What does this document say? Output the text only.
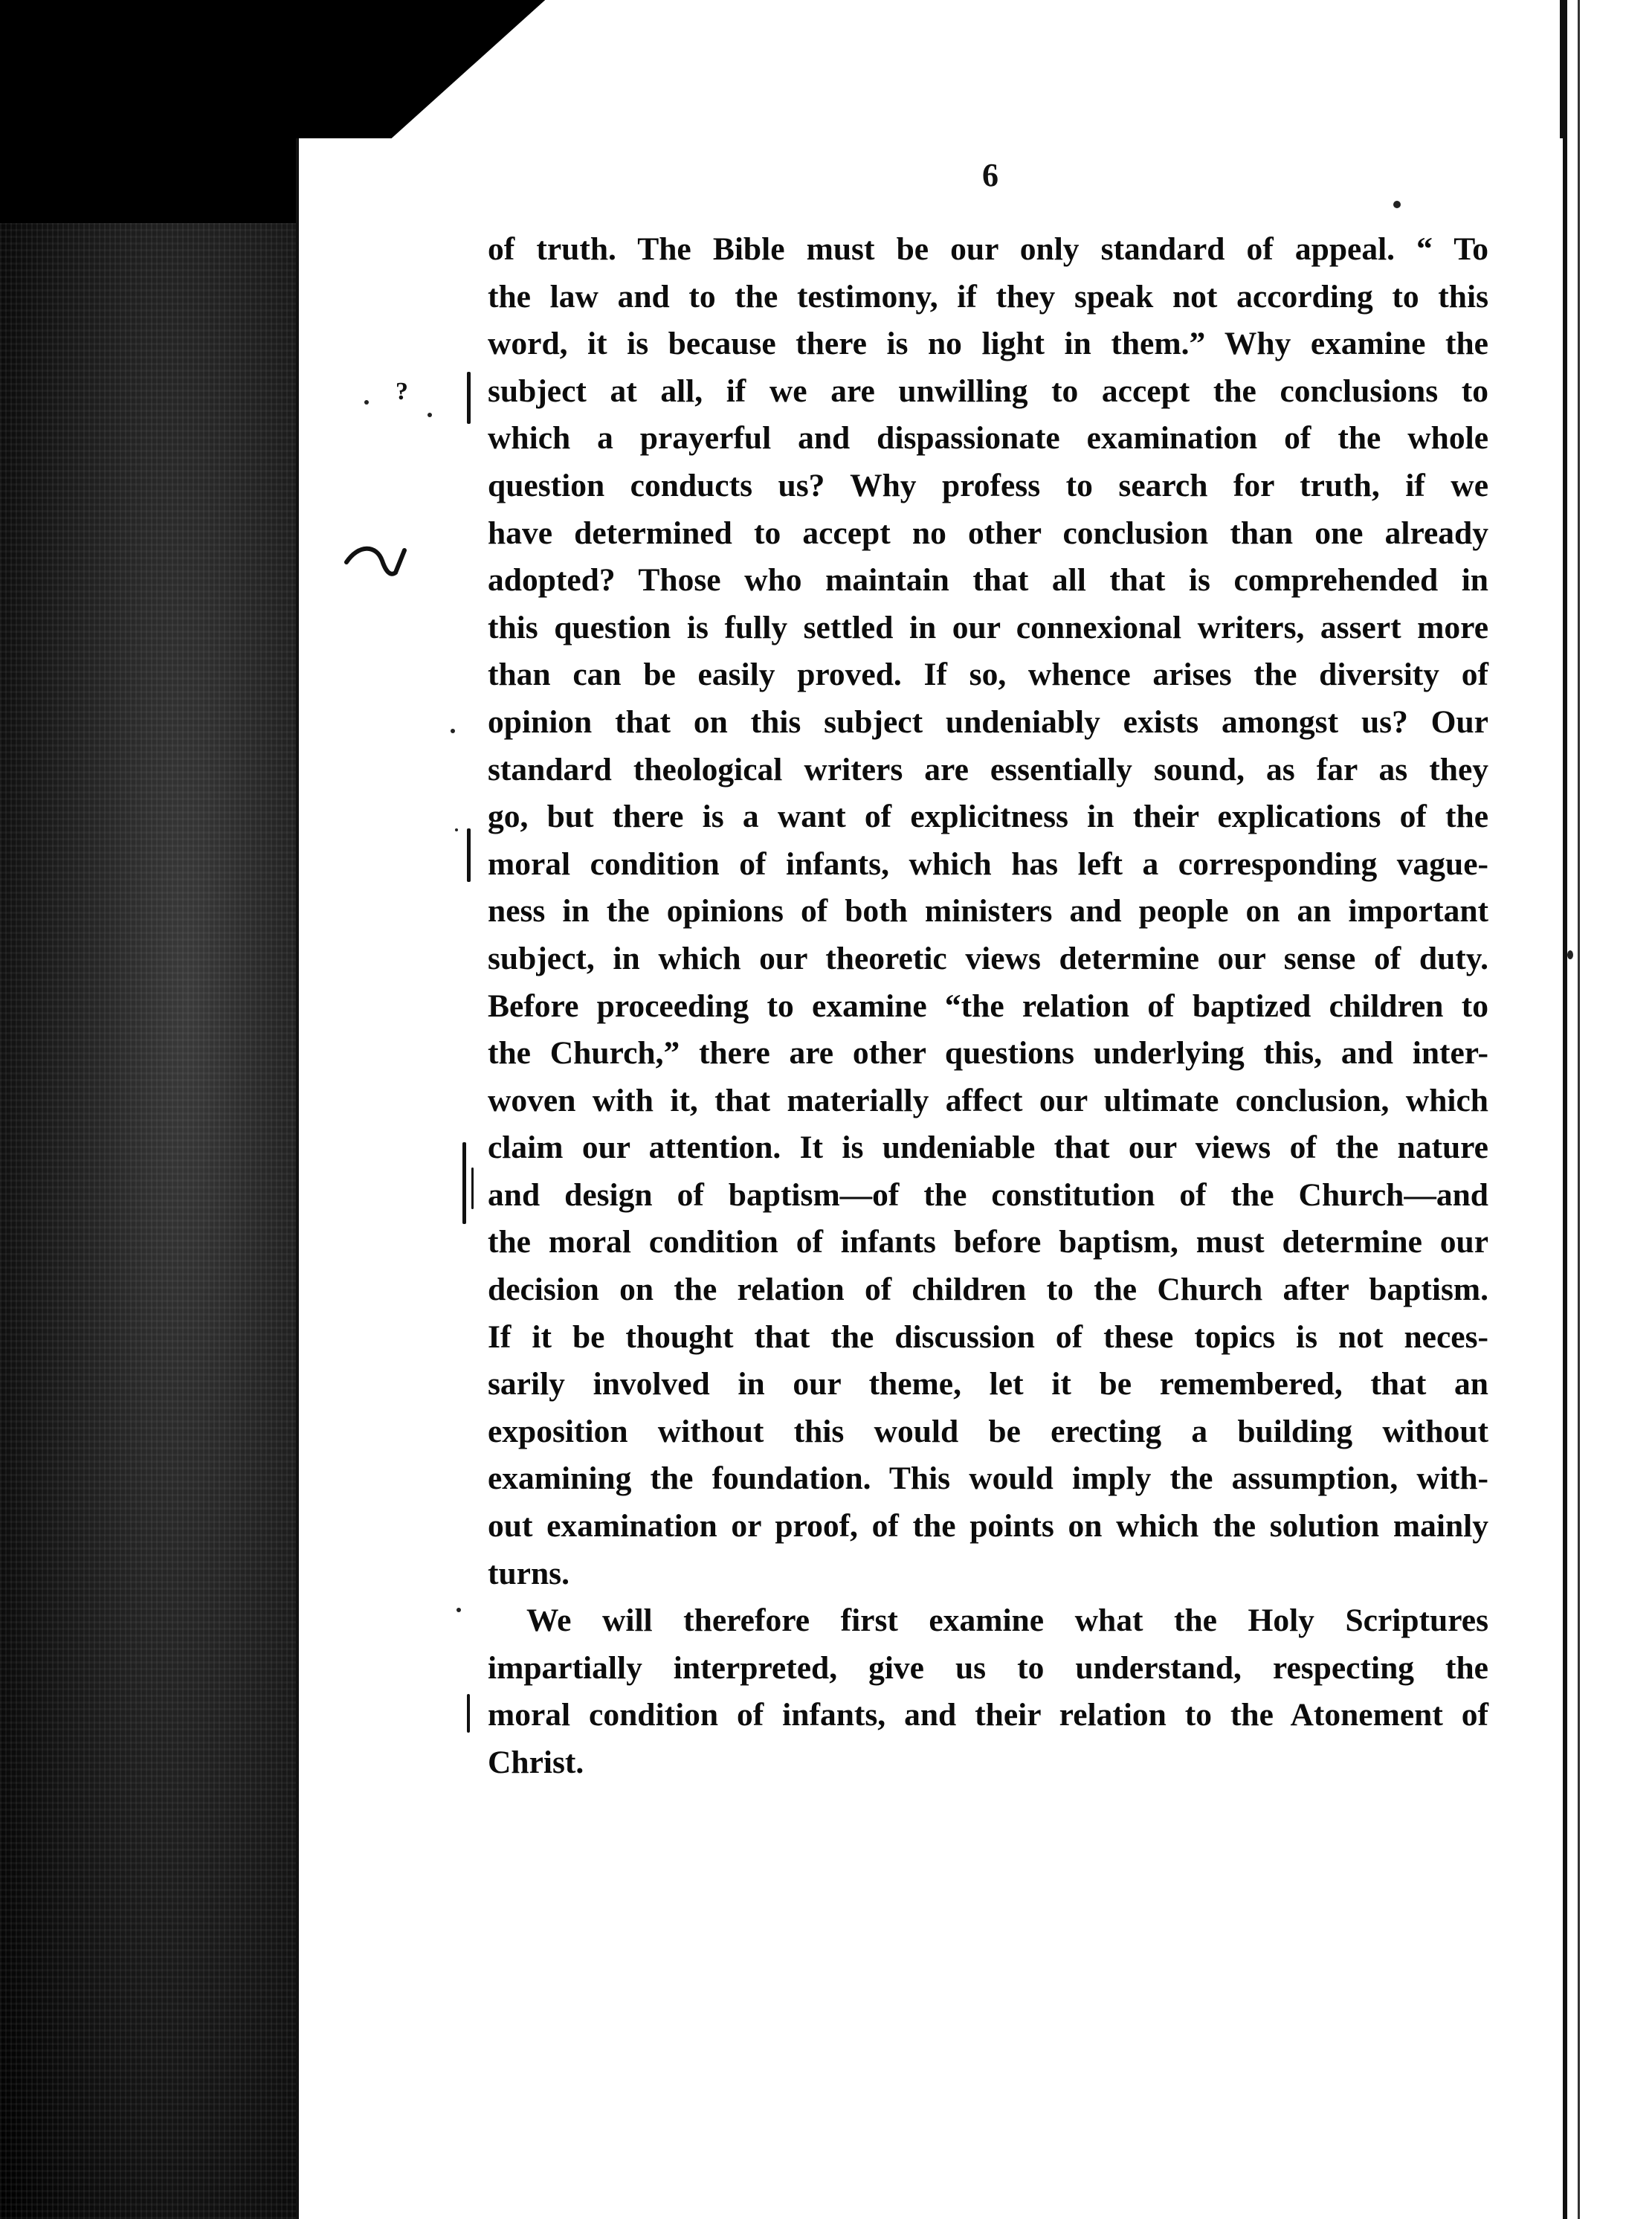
6
of truth. The Bible must be our only standard of appeal. “ To
the law and to the testimony, if they speak not according to this
word, it is because there is no light in them.” Why examine the
subject at all, if we are unwilling to accept the conclusions to
which a prayerful and dispassionate examination of the whole
question conducts us? Why profess to search for truth, if we
have determined to accept no other conclusion than one already
adopted? Those who maintain that all that is comprehended in
this question is fully settled in our connexional writers, assert more
than can be easily proved. If so, whence arises the diversity of
opinion that on this subject undeniably exists amongst us? Our
standard theological writers are essentially sound, as far as they
go, but there is a want of explicitness in their explications of the
moral condition of infants, which has left a corresponding vague-
ness in the opinions of both ministers and people on an important
subject, in which our theoretic views determine our sense of duty.
Before proceeding to examine “the relation of baptized children to
the Church,” there are other questions underlying this, and inter-
woven with it, that materially affect our ultimate conclusion, which
claim our attention. It is undeniable that our views of the nature
and design of baptism—of the constitution of the Church—and
the moral condition of infants before baptism, must determine our
decision on the relation of children to the Church after baptism.
If it be thought that the discussion of these topics is not neces-
sarily involved in our theme, let it be remembered, that an
exposition without this would be erecting a building without
examining the foundation. This would imply the assumption, with-
out examination or proof, of the points on which the solution mainly
turns.
We will therefore first examine what the Holy Scriptures
impartially interpreted, give us to understand, respecting the
moral condition of infants, and their relation to the Atonement of
Christ.
?
